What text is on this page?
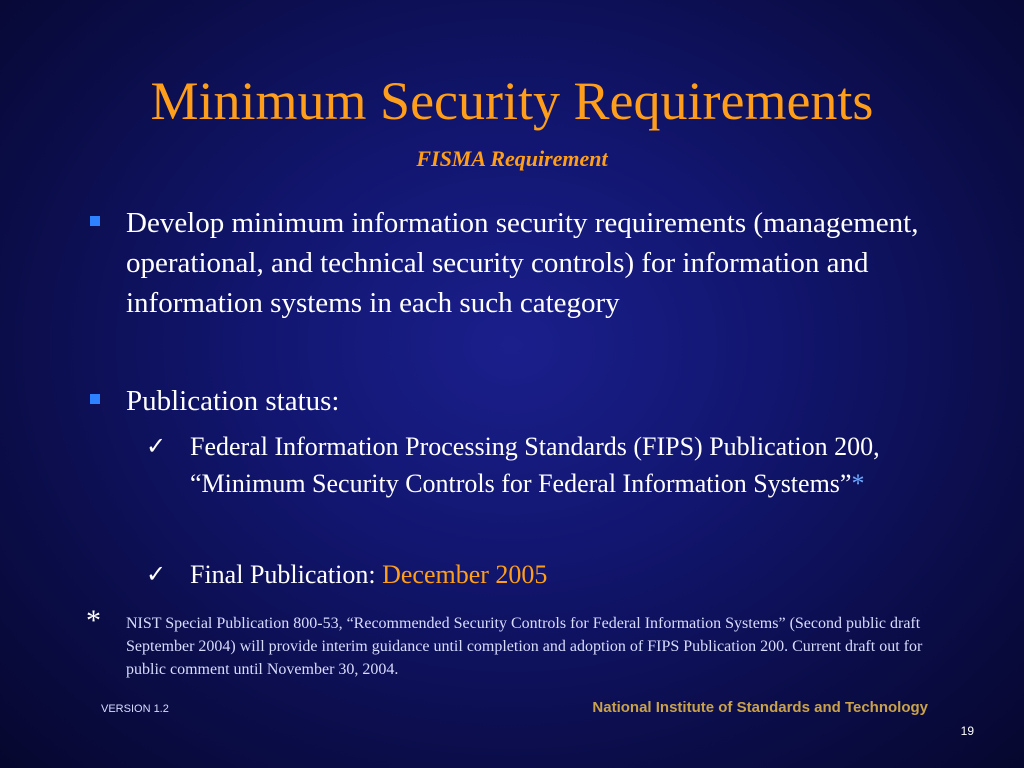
Minimum Security Requirements
FISMA Requirement
Develop minimum information security requirements (management, operational, and technical security controls) for information and information systems in each such category
Publication status:
✓ Federal Information Processing Standards (FIPS) Publication 200, “Minimum Security Controls for Federal Information Systems”*
✓ Final Publication: December 2005
* NIST Special Publication 800-53, “Recommended Security Controls for Federal Information Systems” (Second public draft September 2004) will provide interim guidance until completion and adoption of FIPS Publication 200. Current draft out for public comment until November 30, 2004.
VERSION 1.2	National Institute of Standards and Technology
19
